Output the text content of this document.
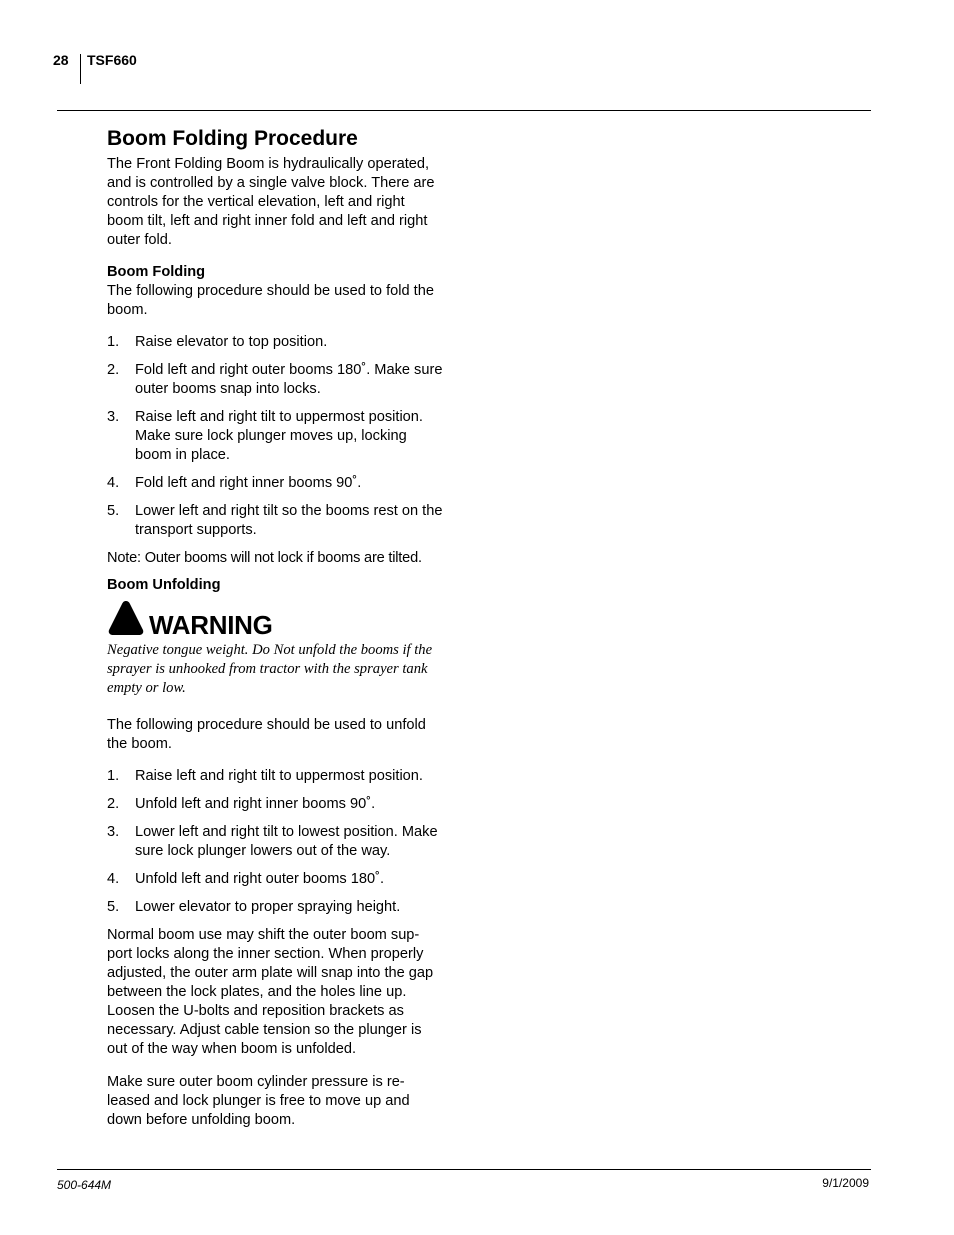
28 TSF660
Boom Folding Procedure

The Front Folding Boom is hydraulically operated, and is controlled by a single valve block. There are controls for the vertical elevation, left and right boom tilt, left and right inner fold and left and right outer fold.

Boom Folding

The following procedure should be used to fold the boom.

1. Raise elevator to top position.
2. Fold left and right outer booms 180˚. Make sure outer booms snap into locks.
3. Raise left and right tilt to uppermost position. Make sure lock plunger moves up, locking boom in place.
4. Fold left and right inner booms 90˚.
5. Lower left and right tilt so the booms rest on the transport supports.

Note: Outer booms will not lock if booms are tilted.

Boom Unfolding
WARNING

Negative tongue weight. Do Not unfold the booms if the sprayer is unhooked from tractor with the sprayer tank empty or low.

The following procedure should be used to unfold the boom.

1. Raise left and right tilt to uppermost position.
2. Unfold left and right inner booms 90˚.
3. Lower left and right tilt to lowest position. Make sure lock plunger lowers out of the way.
4. Unfold left and right outer booms 180˚.
5. Lower elevator to proper spraying height.

Normal boom use may shift the outer boom sup-port locks along the inner section. When properly adjusted, the outer arm plate will snap into the gap between the lock plates, and the holes line up. Loosen the U-bolts and reposition brackets as necessary. Adjust cable tension so the plunger is out of the way when boom is unfolded.

Make sure outer boom cylinder pressure is re-leased and lock plunger is free to move up and down before unfolding boom.

500-644M	9/1/2009
